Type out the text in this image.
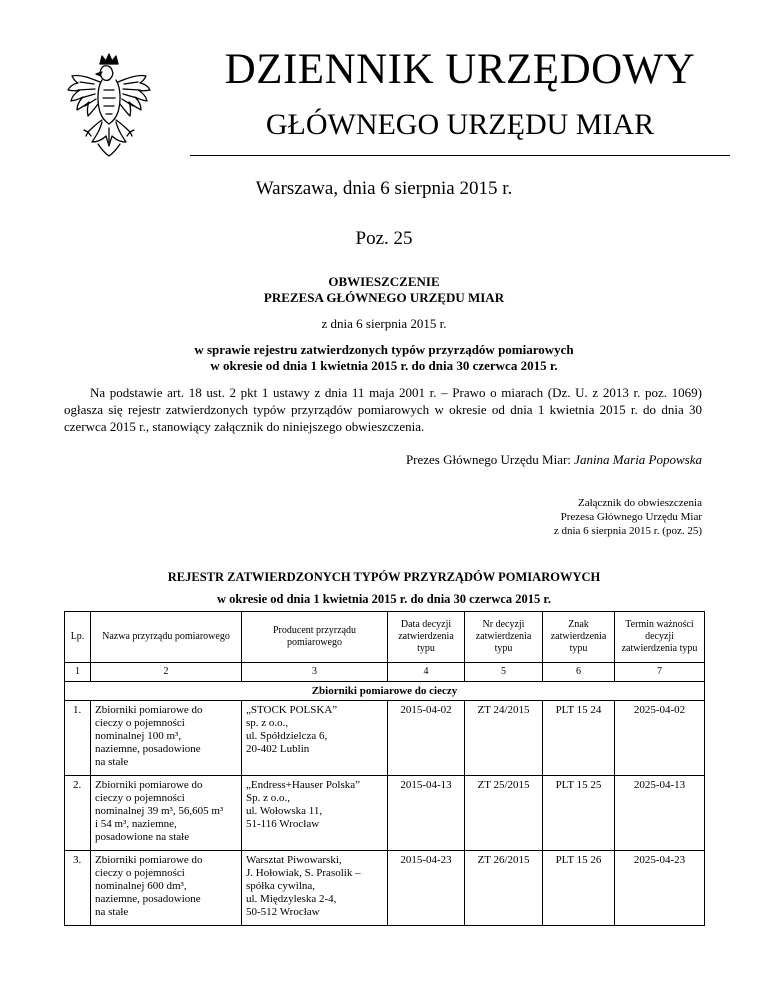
DZIENNIK URZĘDOWY
GŁÓWNEGO URZĘDU MIAR
Warszawa, dnia 6 sierpnia 2015 r.
Poz. 25
OBWIESZCZENIE
PREZESA GŁÓWNEGO URZĘDU MIAR
z dnia 6 sierpnia 2015 r.
w sprawie rejestru zatwierdzonych typów przyrządów pomiarowych
w okresie od dnia 1 kwietnia 2015 r. do dnia 30 czerwca 2015 r.

Na podstawie art. 18 ust. 2 pkt 1 ustawy z dnia 11 maja 2001 r. – Prawo o miarach (Dz. U. z 2013 r. poz. 1069) ogłasza się rejestr zatwierdzonych typów przyrządów pomiarowych w okresie od dnia 1 kwietnia 2015 r. do dnia 30 czerwca 2015 r., stanowiący załącznik do niniejszego obwieszczenia.

Prezes Głównego Urzędu Miar: Janina Maria Popowska
Załącznik do obwieszczenia
Prezesa Głównego Urzędu Miar
z dnia 6 sierpnia 2015 r. (poz. 25)
REJESTR ZATWIERDZONYCH TYPÓW PRZYRZĄDÓW POMIAROWYCH
w okresie od dnia 1 kwietnia 2015 r. do dnia 30 czerwca 2015 r.
Lp.	Nazwa przyrządu pomiarowego	Producent przyrządu pomiarowego	Data decyzji zatwierdzenia typu	Nr decyzji zatwierdzenia typu	Znak zatwierdzenia typu	Termin ważności decyzji zatwierdzenia typu
1	2	3	4	5	6	7
Zbiorniki pomiarowe do cieczy						
1.	Zbiorniki pomiarowe do
cieczy o pojemności
nominalnej 100 m³,
naziemne, posadowione
na stałe	„STOCK POLSKA”
sp. z o.o.,
ul. Spółdzielcza 6,
20-402 Lublin	2015-04-02	ZT 24/2015	PLT 15 24	2025-04-02
2.	Zbiorniki pomiarowe do
cieczy o pojemności
nominalnej 39 m³, 56,605 m³
i 54 m³, naziemne,
posadowione na stałe	„Endress+Hauser Polska”
Sp. z o.o.,
ul. Wołowska 11,
51-116 Wrocław	2015-04-13	ZT 25/2015	PLT 15 25	2025-04-13
3.	Zbiorniki pomiarowe do
cieczy o pojemności
nominalnej 600 dm³,
naziemne, posadowione
na stałe	Warsztat Piwowarski,
J. Hołowiak, S. Prasolik –
spółka cywilna,
ul. Międzyleska 2-4,
50-512 Wrocław	2015-04-23	ZT 26/2015	PLT 15 26	2025-04-23
